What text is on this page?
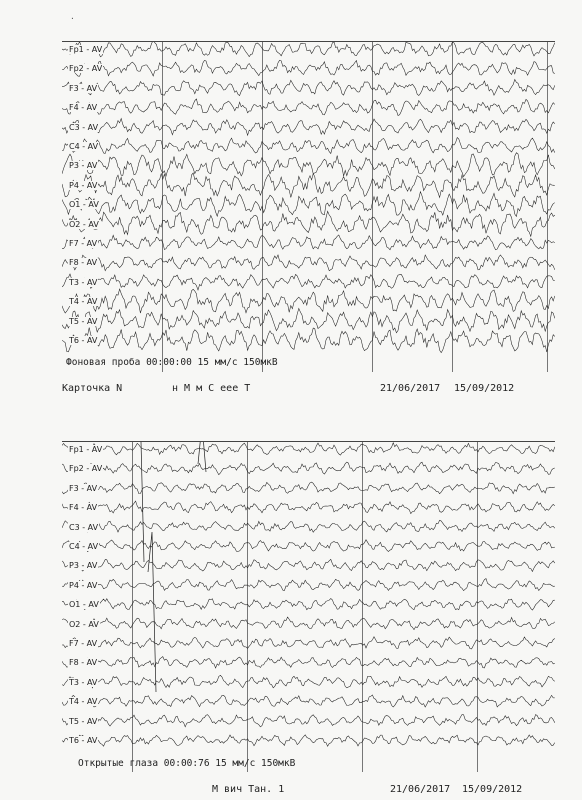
·
Fp1 - AV
Fp2 - AV
F3 - AV
F4 - AV
C3 - AV
C4 - AV
P3 - AV
P4 - AV
O1 - AV
O2 - AV
F7 - AV
F8 - AV
T3 - AV
T4 - AV
T5 - AV
T6 - AV
Фоновая проба 00:00:00 15 мм/с 150мкВ
Карточка N	н М м С еее Т	21/06/2017 15/09/2012
Fp1 - AV
Fp2 - AV
F3 - AV
F4 - AV
C3 - AV
C4 - AV
P3 - AV
P4 - AV
O1 - AV
O2 - AV
F7 - AV
F8 - AV
T3 - AV
T4 - AV
T5 - AV
T6 - AV
Открытые глаза 00:00:76 15 мм/с 150мкВ
М вич Тан. 1	21/06/2017 15/09/2012
